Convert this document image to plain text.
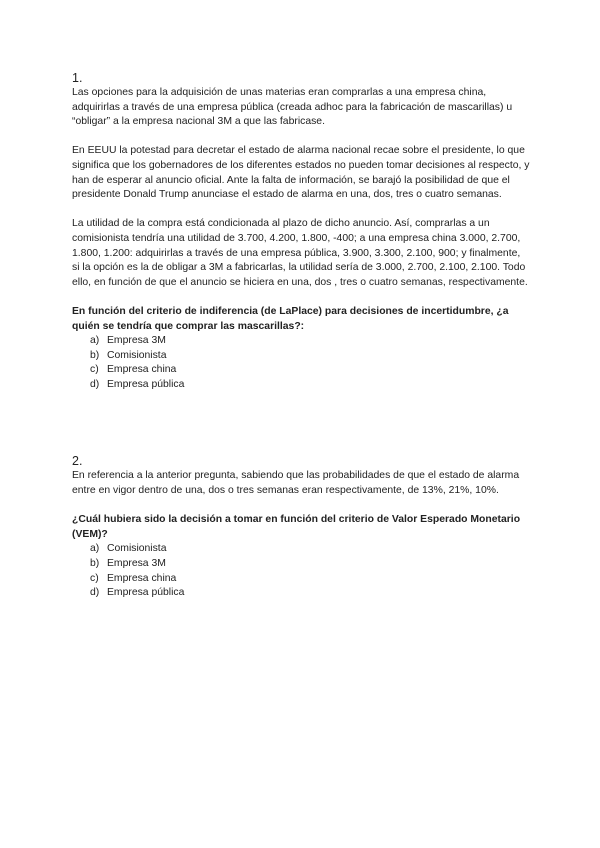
1.

Las opciones para la adquisición de unas materias eran comprarlas a una empresa china, adquirirlas a través de una empresa pública (creada adhoc para la fabricación de mascarillas) u “obligar” a la empresa nacional 3M a que las fabricase.

En EEUU la potestad para decretar el estado de alarma nacional recae sobre el presidente, lo que significa que los gobernadores de los diferentes estados no pueden tomar decisiones al respecto, y han de esperar al anuncio oficial. Ante la falta de información, se barajó la posibilidad de que el presidente Donald Trump anunciase el estado de alarma en una, dos, tres o cuatro semanas.

La utilidad de la compra está condicionada al plazo de dicho anuncio. Así, comprarlas a un comisionista tendría una utilidad de 3.700, 4.200, 1.800, -400; a una empresa china 3.000, 2.700, 1.800, 1.200: adquirirlas a través de una empresa pública, 3.900, 3.300, 2.100, 900; y finalmente, si la opción es la de obligar a 3M a fabricarlas, la utilidad sería de 3.000, 2.700, 2.100, 2.100. Todo ello, en función de que el anuncio se hiciera en una, dos , tres o cuatro semanas, respectivamente.

En función del criterio de indiferencia (de LaPlace) para decisiones de incertidumbre, ¿a quién se tendría que comprar las mascarillas?:
a) Empresa 3M
b) Comisionista
c) Empresa china
d) Empresa pública
2.

En referencia a la anterior pregunta, sabiendo que las probabilidades de que el estado de alarma entre en vigor dentro de una, dos o tres semanas eran respectivamente, de 13%, 21%, 10%.

¿Cuál hubiera sido la decisión a tomar en función del criterio de Valor Esperado Monetario (VEM)?
a) Comisionista
b) Empresa 3M
c) Empresa china
d) Empresa pública
